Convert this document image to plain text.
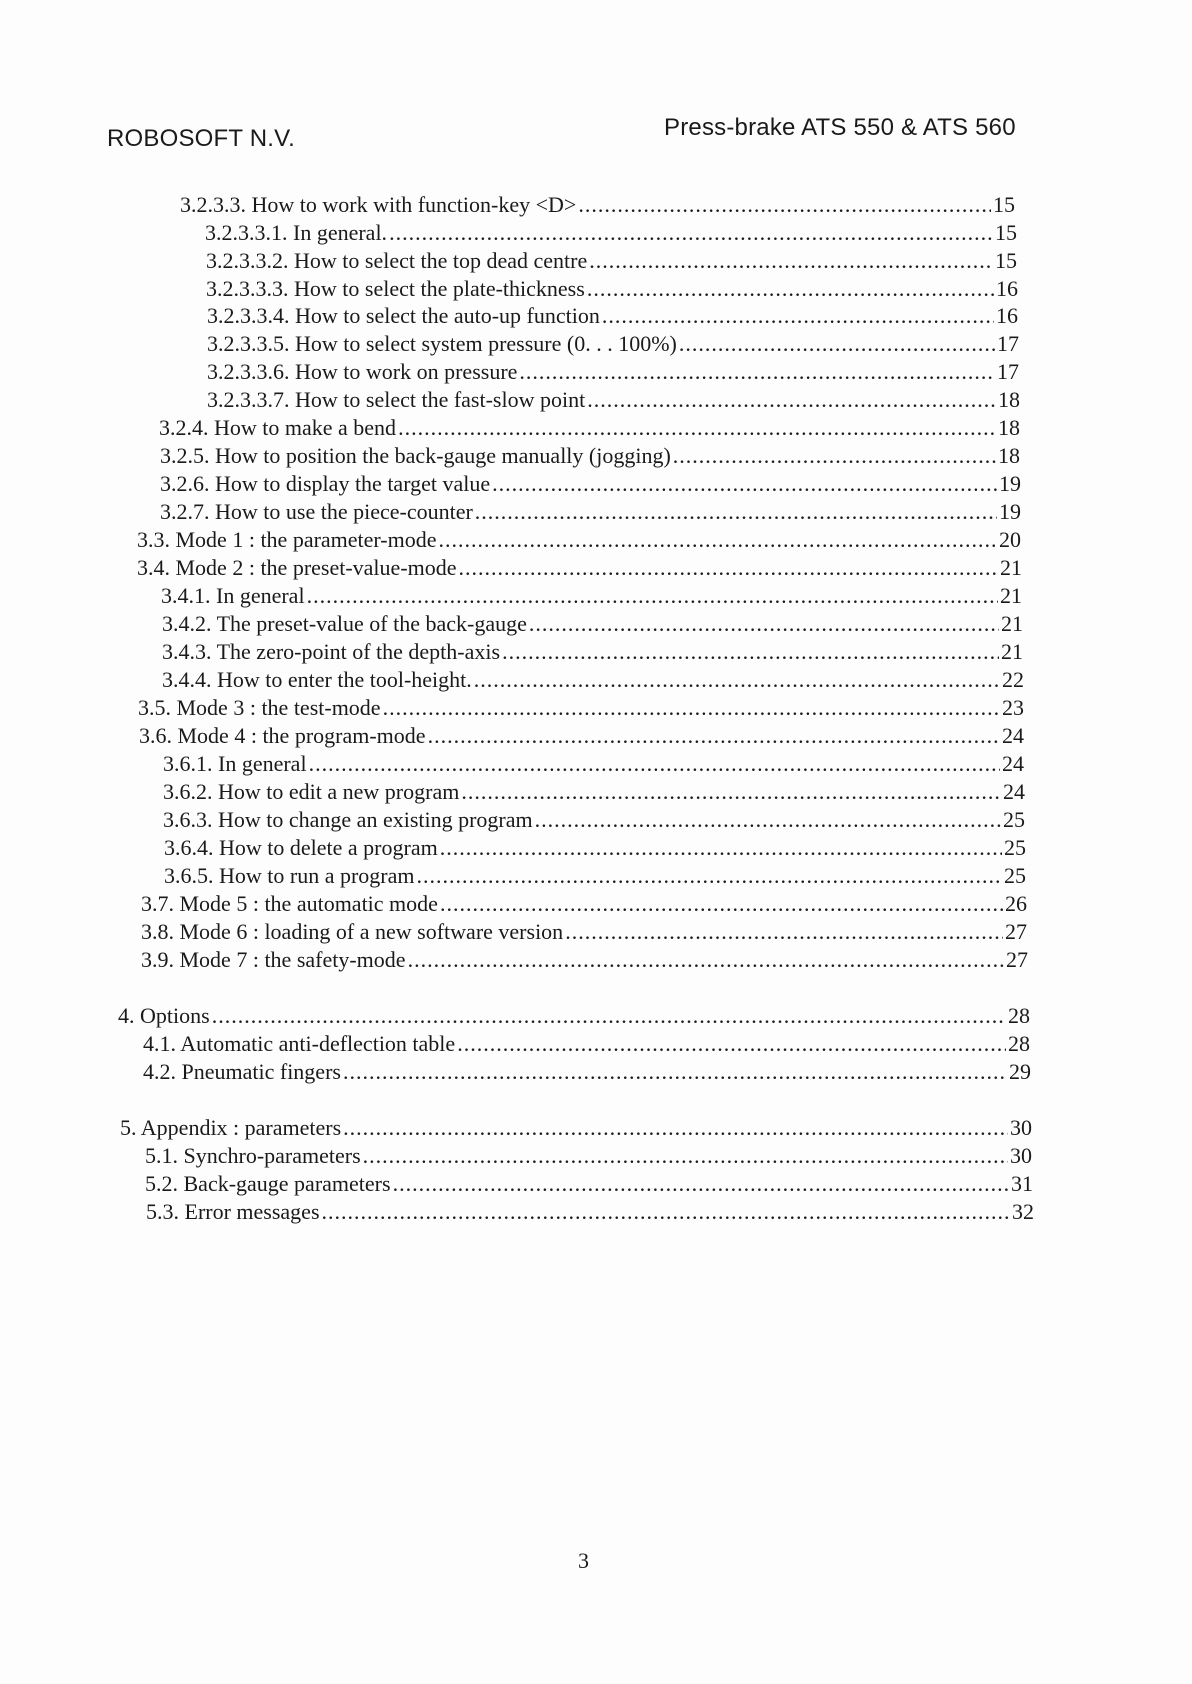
ROBOSOFT N.V.	Press-brake ATS 550 & ATS 560
3.2.3.3. How to work with function-key <D> .....	15
3.2.3.3.1. In general. .....	15
3.2.3.3.2. How to select the top dead centre .....	15
3.2.3.3.3. How to select the plate-thickness .....	16
3.2.3.3.4. How to select the auto-up function .....	16
3.2.3.3.5. How to select system pressure (0. . . 100%) .....	17
3.2.3.3.6. How to work on pressure .....	17
3.2.3.3.7. How to select the fast-slow point .....	18
3.2.4. How to make a bend .....	18
3.2.5. How to position the back-gauge manually (jogging) .....	18
3.2.6. How to display the target value .....	19
3.2.7. How to use the piece-counter .....	19
3.3. Mode 1 : the parameter-mode .....	20
3.4. Mode 2 : the preset-value-mode .....	21
3.4.1. In general .....	21
3.4.2. The preset-value of the back-gauge .....	21
3.4.3. The zero-point of the depth-axis .....	21
3.4.4. How to enter the tool-height. .....	22
3.5. Mode 3 : the test-mode .....	23
3.6. Mode 4 : the program-mode .....	24
3.6.1. In general .....	24
3.6.2. How to edit a new program .....	24
3.6.3. How to change an existing program .....	25
3.6.4. How to delete a program .....	25
3.6.5. How to run a program .....	25
3.7. Mode 5 : the automatic mode .....	26
3.8. Mode 6 : loading of a new software version .....	27
3.9. Mode 7 : the safety-mode .....	27
4. Options .....	28
4.1. Automatic anti-deflection table .....	28
4.2. Pneumatic fingers .....	29
5. Appendix : parameters .....	30
5.1. Synchro-parameters .....	30
5.2. Back-gauge parameters .....	31
5.3. Error messages .....	32
3
